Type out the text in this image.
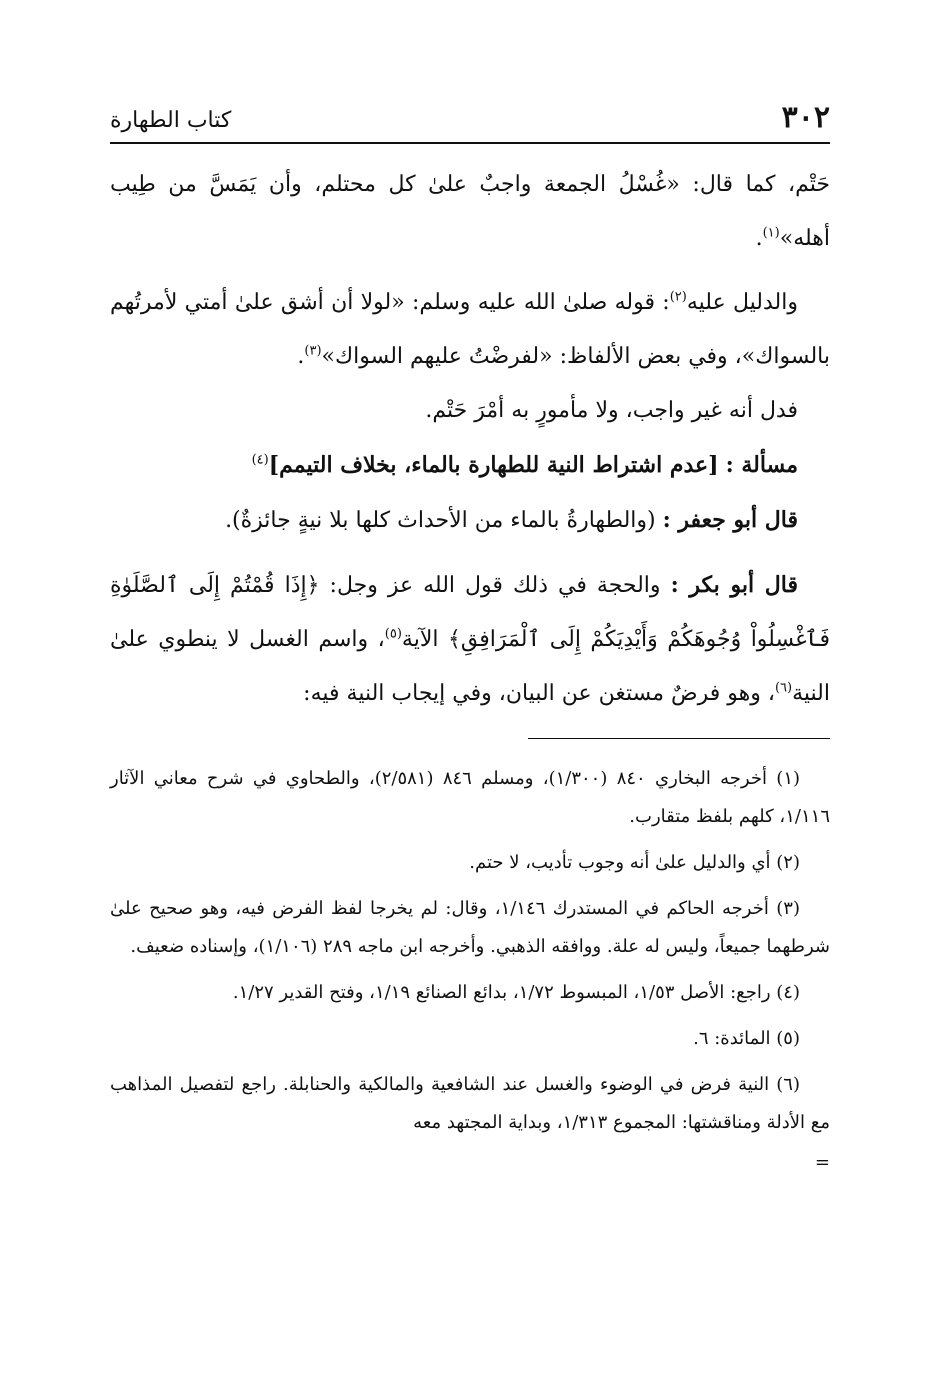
٣٠٢
كتاب الطهارة

حَتْم، كما قال: «غُسْلُ الجمعة واجبٌ علىٰ كل محتلم، وأن يَمَسَّ من طِيب أهله»$^{(١)}$.

والدليل عليه$^{(٢)}$: قوله صلىٰ الله عليه وسلم: «لولا أن أشق علىٰ أمتي لأمرتُهم بالسواك»، وفي بعض الألفاظ: «لفرضْتُ عليهم السواك»$^{(٣)}$.

فدل أنه غير واجب، ولا مأمورٍ به أمْرَ حَتْم.

مسألة : [عدم اشتراط النية للطهارة بالماء، بخلاف التيمم]$^{(٤)}$

قال أبو جعفر : (والطهارةُ بالماء من الأحداث كلها بلا نيةٍ جائزةٌ).

قال أبو بكر : والحجة في ذلك قول الله عز وجل: ﴿إِذَا قُمْتُمْ إِلَى ٱلصَّلَوٰةِ فَٱغْسِلُواْ وُجُوهَكُمْ وَأَيْدِيَكُمْ إِلَى ٱلْمَرَافِقِ﴾ الآية$^{(٥)}$، واسم الغسل لا ينطوي علىٰ النية$^{(٦)}$، وهو فرضٌ مستغن عن البيان، وفي إيجاب النية فيه:

(١) أخرجه البخاري ٨٤٠ (١/٣٠٠)، ومسلم ٨٤٦ (٢/٥٨١)، والطحاوي في شرح معاني الآثار ١/١١٦، كلهم بلفظ متقارب.

(٢) أي والدليل علىٰ أنه وجوب تأديب، لا حتم.

(٣) أخرجه الحاكم في المستدرك ١/١٤٦، وقال: لم يخرجا لفظ الفرض فيه، وهو صحيح علىٰ شرطهما جميعاً، وليس له علة. ووافقه الذهبي. وأخرجه ابن ماجه ٢٨٩ (١/١٠٦)، وإسناده ضعيف.

(٤) راجع: الأصل ١/٥٣، المبسوط ١/٧٢، بدائع الصنائع ١/١٩، وفتح القدير ١/٢٧.

(٥) المائدة: ٦.

(٦) النية فرض في الوضوء والغسل عند الشافعية والمالكية والحنابلة. راجع لتفصيل المذاهب مع الأدلة ومناقشتها: المجموع ١/٣١٣، وبداية المجتهد معه

=
